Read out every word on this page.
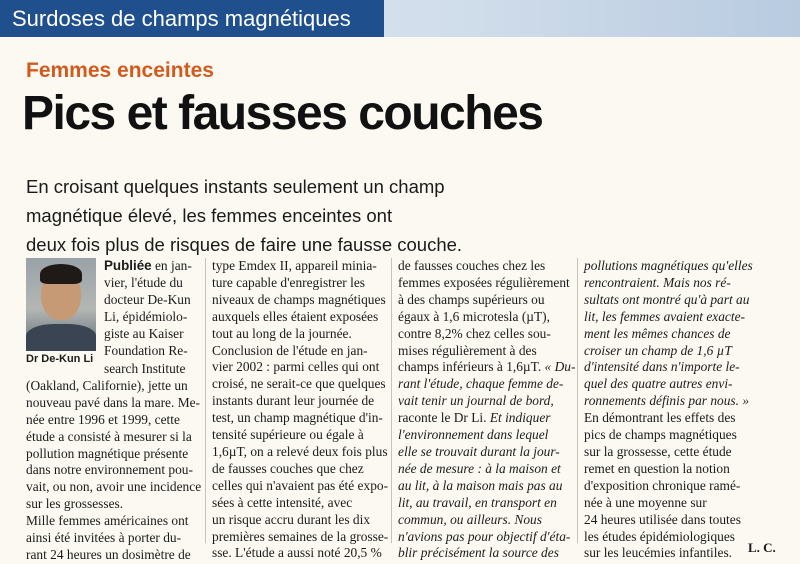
Surdoses de champs magnétiques
Femmes enceintes
Pics et fausses couches
En croisant quelques instants seulement un champ
magnétique élevé, les femmes enceintes ont
deux fois plus de risques de faire une fausse couche.
Dr De-Kun Li
Publiée en jan-
vier, l'étude du
docteur De-Kun
Li, épidémiolo-
giste au Kaiser
Foundation Re-
search Institute
(Oakland, Californie), jette un
nouveau pavé dans la mare. Me-
née entre 1996 et 1999, cette
étude a consisté à mesurer si la
pollution magnétique présente
dans notre environnement pou-
vait, ou non, avoir une incidence
sur les grossesses.
Mille femmes américaines ont
ainsi été invitées à porter du-
rant 24 heures un dosimètre de
type Emdex II, appareil minia-
ture capable d'enregistrer les
niveaux de champs magnétiques
auxquels elles étaient exposées
tout au long de la journée.
Conclusion de l'étude en jan-
vier 2002 : parmi celles qui ont
croisé, ne serait-ce que quelques
instants durant leur journée de
test, un champ magnétique d'in-
tensité supérieure ou égale à
1,6µT, on a relevé deux fois plus
de fausses couches que chez
celles qui n'avaient pas été expo-
sées à cette intensité, avec
un risque accru durant les dix
premières semaines de la grosse-
sse. L'étude a aussi noté 20,5 %
de fausses couches chez les
femmes exposées régulièrement
à des champs supérieurs ou
égaux à 1,6 microtesla (µT),
contre 8,2% chez celles sou-
mises régulièrement à des
champs inférieurs à 1,6µT. « Du-
rant l'étude, chaque femme de-
vait tenir un journal de bord,
raconte le Dr Li. Et indiquer
l'environnement dans lequel
elle se trouvait durant la jour-
née de mesure : à la maison et
au lit, à la maison mais pas au
lit, au travail, en transport en
commun, ou ailleurs. Nous
n'avions pas pour objectif d'éta-
blir précisément la source des
pollutions magnétiques qu'elles
rencontraient. Mais nos ré-
sultats ont montré qu'à part au
lit, les femmes avaient exacte-
ment les mêmes chances de
croiser un champ de 1,6 µT
d'intensité dans n'importe le-
quel des quatre autres envi-
ronnements définis par nous. »
En démontrant les effets des
pics de champs magnétiques
sur la grossesse, cette étude
remet en question la notion
d'exposition chronique ramé-
née à une moyenne sur
24 heures utilisée dans toutes
les études épidémiologiques
sur les leucémies infantiles.	L. C.
